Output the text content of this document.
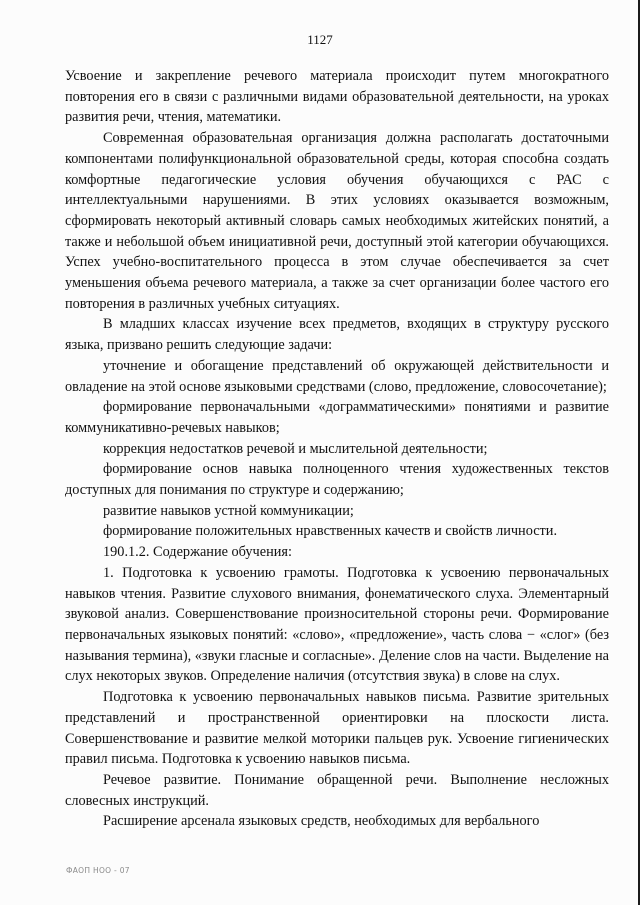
1127

Усвоение и закрепление речевого материала происходит путем многократного повторения его в связи с различными видами образовательной деятельности, на уроках развития речи, чтения, математики.

Современная образовательная организация должна располагать достаточными компонентами полифункциональной образовательной среды, которая способна создать комфортные педагогические условия обучения обучающихся с РАС с интеллектуальными нарушениями. В этих условиях оказывается возможным, сформировать некоторый активный словарь самых необходимых житейских понятий, а также и небольшой объем инициативной речи, доступный этой категории обучающихся. Успех учебно-воспитательного процесса в этом случае обеспечивается за счет уменьшения объема речевого материала, а также за счет организации более частого его повторения в различных учебных ситуациях.

В младших классах изучение всех предметов, входящих в структуру русского языка, призвано решить следующие задачи:

уточнение и обогащение представлений об окружающей действительности и овладение на этой основе языковыми средствами (слово, предложение, словосочетание);

формирование первоначальными «дограмматическими» понятиями и развитие коммуникативно-речевых навыков;

коррекция недостатков речевой и мыслительной деятельности;

формирование основ навыка полноценного чтения художественных текстов доступных для понимания по структуре и содержанию;

развитие навыков устной коммуникации;

формирование положительных нравственных качеств и свойств личности.

190.1.2. Содержание обучения:

1. Подготовка к усвоению грамоты. Подготовка к усвоению первоначальных навыков чтения. Развитие слухового внимания, фонематического слуха. Элементарный звуковой анализ. Совершенствование произносительной стороны речи. Формирование первоначальных языковых понятий: «слово», «предложение», часть слова − «слог» (без называния термина), «звуки гласные и согласные». Деление слов на части. Выделение на слух некоторых звуков. Определение наличия (отсутствия звука) в слове на слух.

Подготовка к усвоению первоначальных навыков письма. Развитие зрительных представлений и пространственной ориентировки на плоскости листа. Совершенствование и развитие мелкой моторики пальцев рук. Усвоение гигиенических правил письма. Подготовка к усвоению навыков письма.

Речевое развитие. Понимание обращенной речи. Выполнение несложных словесных инструкций.

Расширение арсенала языковых средств, необходимых для вербального

ФАОП НОО - 07
